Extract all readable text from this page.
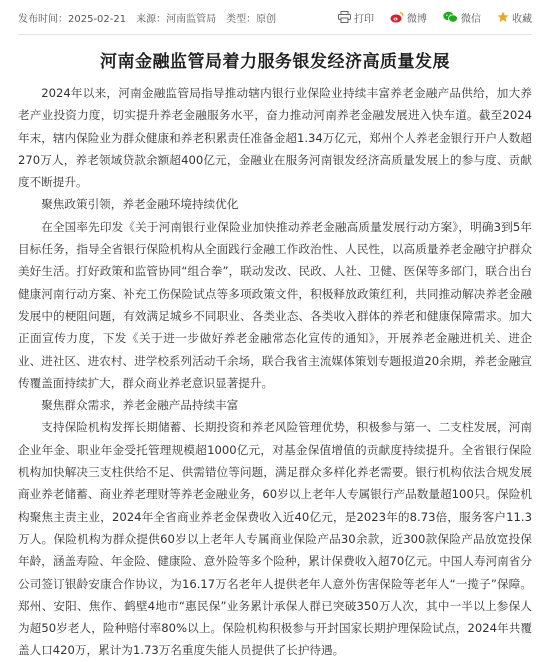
发布时间：2025-02-21 来源：河南监管局 类型：原创	打印	微博	微信	收藏
河南金融监管局着力服务银发经济高质量发展

2024年以来，河南金融监管局指导推动辖内银行业保险业持续丰富养老金融产品供给，加大养老产业投资力度，切实提升养老金融服务水平，奋力推动河南养老金融发展进入快车道。截至2024年末，辖内保险业为群众健康和养老积累责任准备金超1.34万亿元，郑州个人养老金银行开户人数超270万人，养老领域贷款余额超400亿元，金融业在服务河南银发经济高质量发展上的参与度、贡献度不断提升。

聚焦政策引领，养老金融环境持续优化

在全国率先印发《关于河南银行业保险业加快推动养老金融高质量发展行动方案》，明确3到5年目标任务，指导全省银行保险机构从全面践行金融工作政治性、人民性，以高质量养老金融守护群众美好生活。打好政策和监管协同“组合拳”，联动发改、民政、人社、卫健、医保等多部门，联合出台健康河南行动方案、补充工伤保险试点等多项政策文件，积极释放政策红利，共同推动解决养老金融发展中的梗阻问题，有效满足城乡不同职业、各类业态、各类收入群体的养老和健康保障需求。加大正面宣传力度，下发《关于进一步做好养老金融常态化宣传的通知》，开展养老金融进机关、进企业、进社区、进农村、进学校系列活动千余场，联合我省主流媒体策划专题报道20余期，养老金融宣传覆盖面持续扩大，群众商业养老意识显著提升。

聚焦群众需求，养老金融产品持续丰富

支持保险机构发挥长期储蓄、长期投资和养老风险管理优势，积极参与第一、二支柱发展，河南企业年金、职业年金受托管理规模超1000亿元，对基金保值增值的贡献度持续提升。全省银行保险机构加快解决三支柱供给不足、供需错位等问题，满足群众多样化养老需要。银行机构依法合规发展商业养老储蓄、商业养老理财等养老金融业务，60岁以上老年人专属银行产品数量超100只。保险机构聚焦主责主业，2024年全省商业养老金保费收入近40亿元，是2023年的8.73倍，服务客户11.3万人。保险机构为群众提供60岁以上老年人专属商业保险产品30余款，近300款保险产品放宽投保年龄，涵盖寿险、年金险、健康险、意外险等多个险种，累计保费收入超70亿元。中国人寿河南省分公司签订银龄安康合作协议，为16.17万名老年人提供老年人意外伤害保险等老年人“一揽子”保障。郑州、安阳、焦作、鹤壁4地市“惠民保”业务累计承保人群已突破350万人次，其中一半以上参保人为超50岁老人，险种赔付率80%以上。保险机构积极参与开封国家长期护理保险试点，2024年共覆盖人口420万，累计为1.73万名重度失能人员提供了长护待遇。
